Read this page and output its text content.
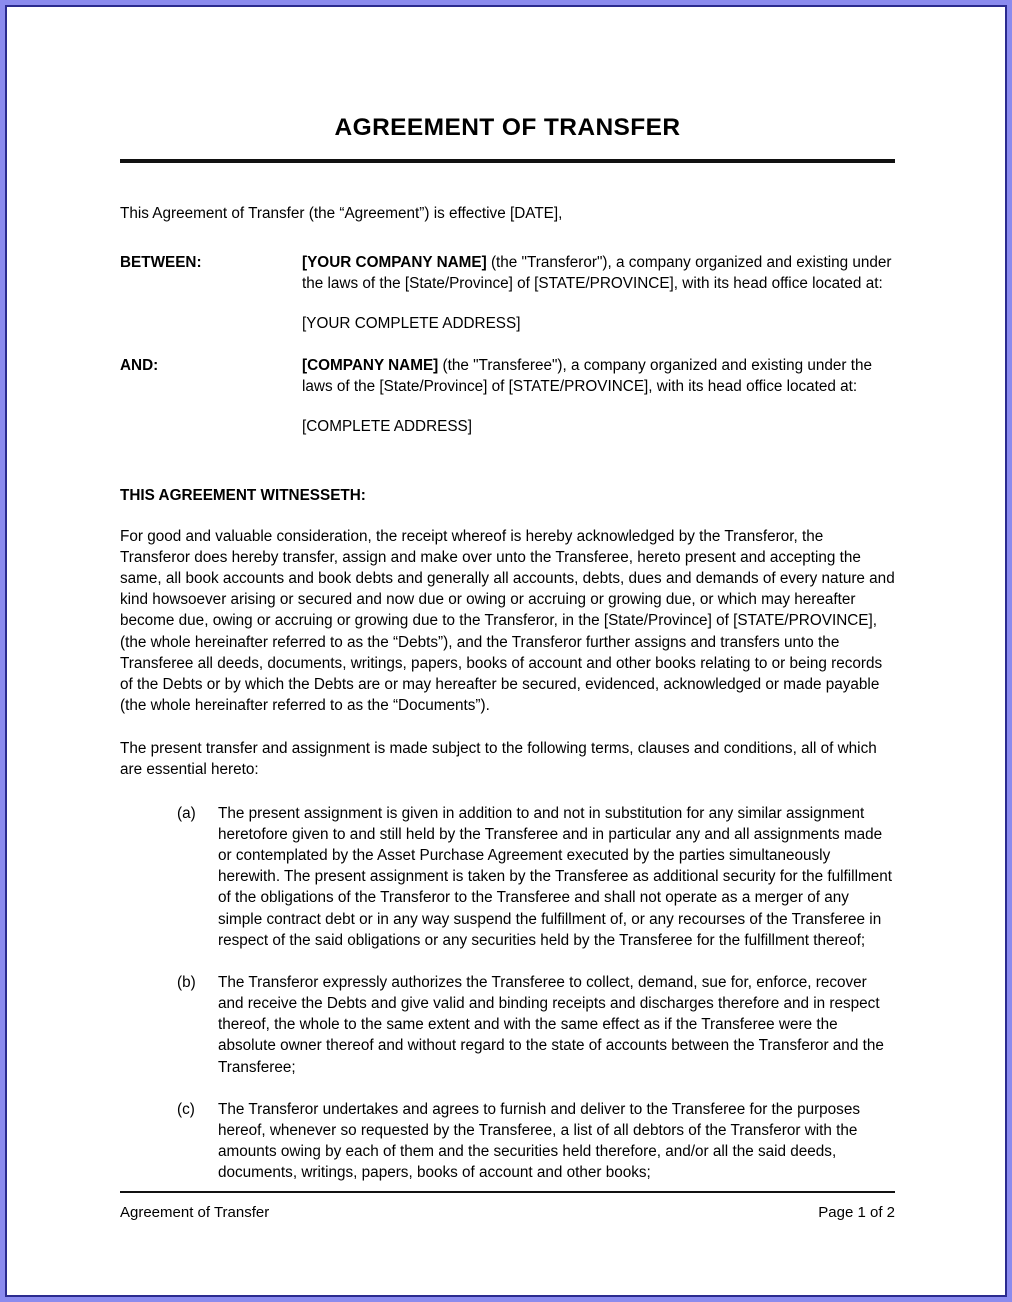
AGREEMENT OF TRANSFER

This Agreement of Transfer (the “Agreement”) is effective [DATE],

BETWEEN:	[YOUR COMPANY NAME] (the "Transferor"), a company organized and existing under the laws of the [State/Province] of [STATE/PROVINCE], with its head office located at:
[YOUR COMPLETE ADDRESS]
AND:	[COMPANY NAME] (the "Transferee"), a company organized and existing under the laws of the [State/Province] of [STATE/PROVINCE], with its head office located at:
[COMPLETE ADDRESS]
THIS AGREEMENT WITNESSETH:

For good and valuable consideration, the receipt whereof is hereby acknowledged by the Transferor, the Transferor does hereby transfer, assign and make over unto the Transferee, hereto present and accepting the same, all book accounts and book debts and generally all accounts, debts, dues and demands of every nature and kind howsoever arising or secured and now due or owing or accruing or growing due, or which may hereafter become due, owing or accruing or growing due to the Transferor, in the [State/Province] of [STATE/PROVINCE], (the whole hereinafter referred to as the “Debts”), and the Transferor further assigns and transfers unto the Transferee all deeds, documents, writings, papers, books of account and other books relating to or being records of the Debts or by which the Debts are or may hereafter be secured, evidenced, acknowledged or made payable (the whole hereinafter referred to as the “Documents”).

The present transfer and assignment is made subject to the following terms, clauses and conditions, all of which are essential hereto:

(a)	The present assignment is given in addition to and not in substitution for any similar assignment heretofore given to and still held by the Transferee and in particular any and all assignments made or contemplated by the Asset Purchase Agreement executed by the parties simultaneously herewith. The present assignment is taken by the Transferee as additional security for the fulfillment of the obligations of the Transferor to the Transferee and shall not operate as a merger of any simple contract debt or in any way suspend the fulfillment of, or any recourses of the Transferee in respect of the said obligations or any securities held by the Transferee for the fulfillment thereof;
(b)	The Transferor expressly authorizes the Transferee to collect, demand, sue for, enforce, recover and receive the Debts and give valid and binding receipts and discharges therefore and in respect thereof, the whole to the same extent and with the same effect as if the Transferee were the absolute owner thereof and without regard to the state of accounts between the Transferor and the Transferee;
(c)	The Transferor undertakes and agrees to furnish and deliver to the Transferee for the purposes hereof, whenever so requested by the Transferee, a list of all debtors of the Transferor with the amounts owing by each of them and the securities held therefore, and/or all the said deeds, documents, writings, papers, books of account and other books;
Agreement of Transfer	Page 1 of 2
